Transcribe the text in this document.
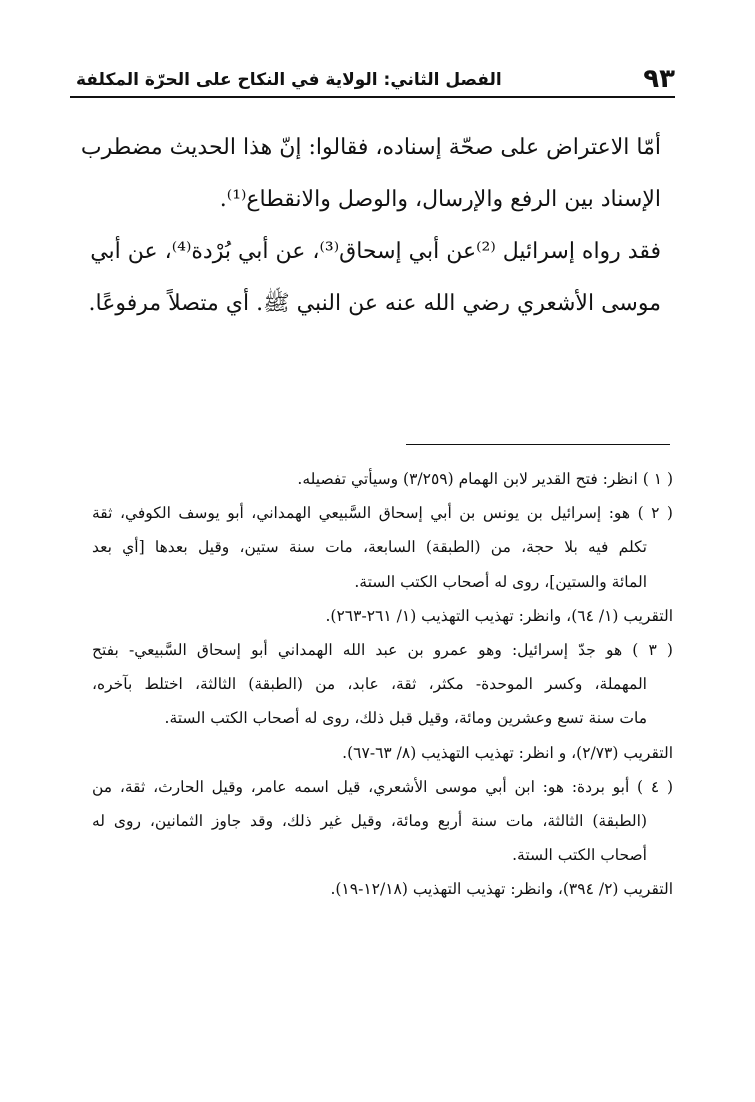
٩٣
الفصل الثاني: الولاية في النكاح على الحرّة المكلفة
أمّا الاعتراض على صحّة إسناده، فقالوا: إنّ هذا الحديث مضطرب
الإسناد بين الرفع والإرسال، والوصل والانقطاع⁽¹⁾.
فقد رواه إسرائيل ⁽²⁾عن أبي إسحاق⁽³⁾، عن أبي بُرْدة⁽⁴⁾، عن أبي
موسى الأشعري رضي الله عنه عن النبي ﷺ. أي متصلاً مرفوعًا.
( ١ ) انظر: فتح القدير لابن الهمام (٣/٢٥٩) وسيأتي تفصيله.
( ٢ ) هو: إسرائيل بن يونس بن أبي إسحاق السَّبيعي الهمداني، أبو يوسف الكوفي، ثقة
تكلم فيه بلا حجة، من (الطبقة) السابعة، مات سنة ستين، وقيل بعدها [أي بعد
المائة والستين]، روى له أصحاب الكتب الستة.
التقريب (١/ ٦٤)، وانظر: تهذيب التهذيب (١/ ٢٦١-٢٦٣).
( ٣ ) هو جدّ إسرائيل: وهو عمرو بن عبد الله الهمداني أبو إسحاق السَّبيعي- بفتح
المهملة، وكسر الموحدة- مكثر، ثقة، عابد، من (الطبقة) الثالثة، اختلط بآخره،
مات سنة تسع وعشرين ومائة، وقيل قبل ذلك، روى له أصحاب الكتب الستة.
التقريب (٢/٧٣)، و انظر: تهذيب التهذيب (٨/ ٦٣-٦٧).
( ٤ ) أبو بردة: هو: ابن أبي موسى الأشعري، قيل اسمه عامر، وقيل الحارث، ثقة، من
(الطبقة) الثالثة، مات سنة أربع ومائة، وقيل غير ذلك، وقد جاوز الثمانين، روى له
أصحاب الكتب الستة.
التقريب (٢/ ٣٩٤)، وانظر: تهذيب التهذيب (١٢/١٨-١٩).
